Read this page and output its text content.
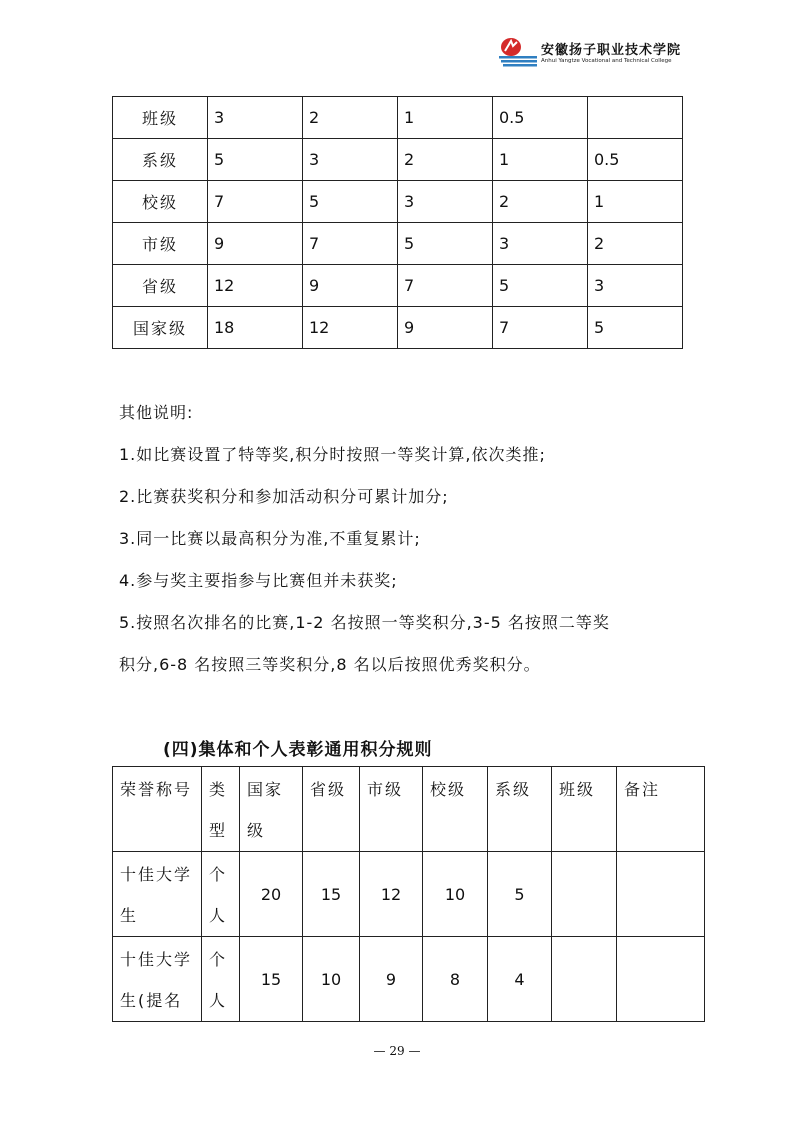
安徽扬子职业技术学院
Anhui Yangtze Vocational and Technical College
班级	3	2	1	0.5	
系级	5	3	2	1	0.5
校级	7	5	3	2	1
市级	9	7	5	3	2
省级	12	9	7	5	3
国家级	18	12	9	7	5

其他说明:

1.如比赛设置了特等奖,积分时按照一等奖计算,依次类推;

2.比赛获奖积分和参加活动积分可累计加分;

3.同一比赛以最高积分为准,不重复累计;

4.参与奖主要指参与比赛但并未获奖;

5.按照名次排名的比赛,1-2 名按照一等奖积分,3-5 名按照二等奖

积分,6-8 名按照三等奖积分,8 名以后按照优秀奖积分。

(四)集体和个人表彰通用积分规则
荣誉称号	类型	国家级	省级	市级	校级	系级	班级	备注
十佳大学生	个人	20	15	12	10	5		
十佳大学生(提名	个人	15	10	9	8	4		
— 29 —
